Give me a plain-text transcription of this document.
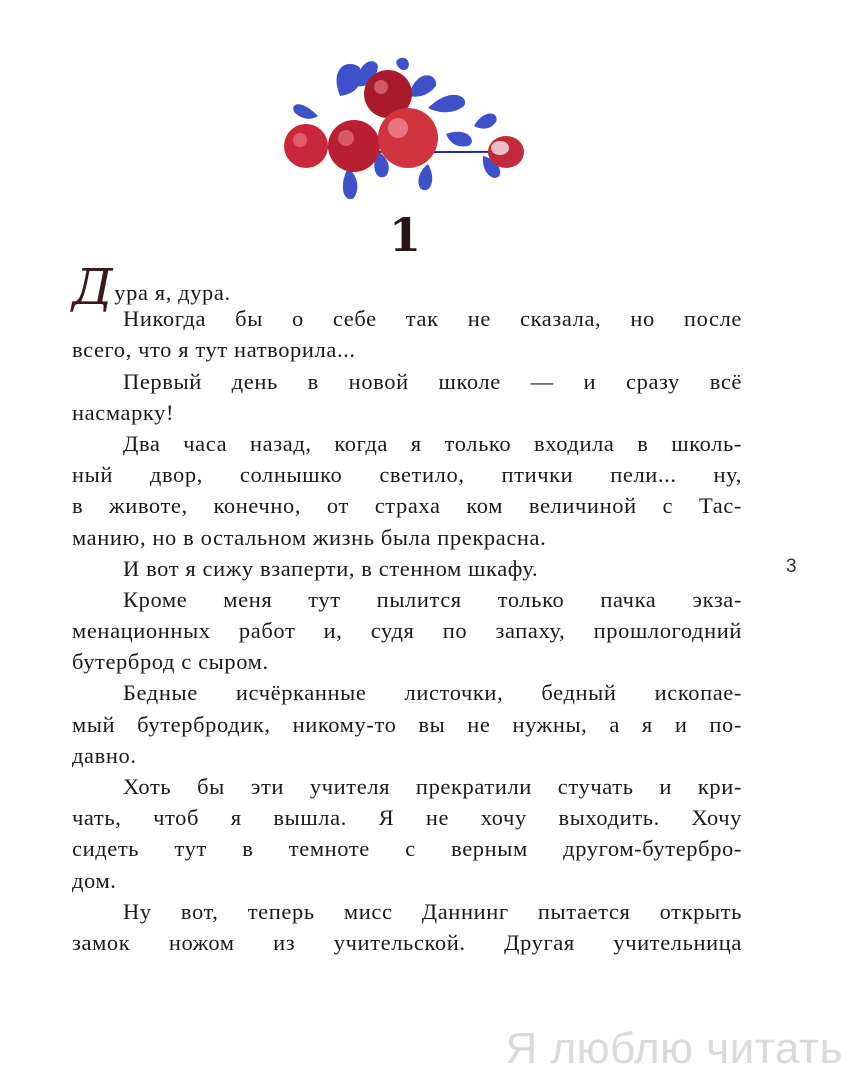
1
Дура я, дура.
Никогда бы о себе так не сказала, но после
всего, что я тут натворила...
Первый день в новой школе — и сразу всё
насмарку!
Два часа назад, когда я только входила в школь-
ный двор, солнышко светило, птички пели... ну,
в животе, конечно, от страха ком величиной с Тас-
манию, но в остальном жизнь была прекрасна.
И вот я сижу взаперти, в стенном шкафу.
Кроме меня тут пылится только пачка экза-
менационных работ и, судя по запаху, прошлогодний
бутерброд с сыром.
Бедные исчёрканные листочки, бедный ископае-
мый бутербродик, никому-то вы не нужны, а я и по-
давно.
Хоть бы эти учителя прекратили стучать и кри-
чать, чтоб я вышла. Я не хочу выходить. Хочу
сидеть тут в темноте с верным другом-бутербро-
дом.
Ну вот, теперь мисс Даннинг пытается открыть
замок ножом из учительской. Другая учительница
3
Я люблю читать
